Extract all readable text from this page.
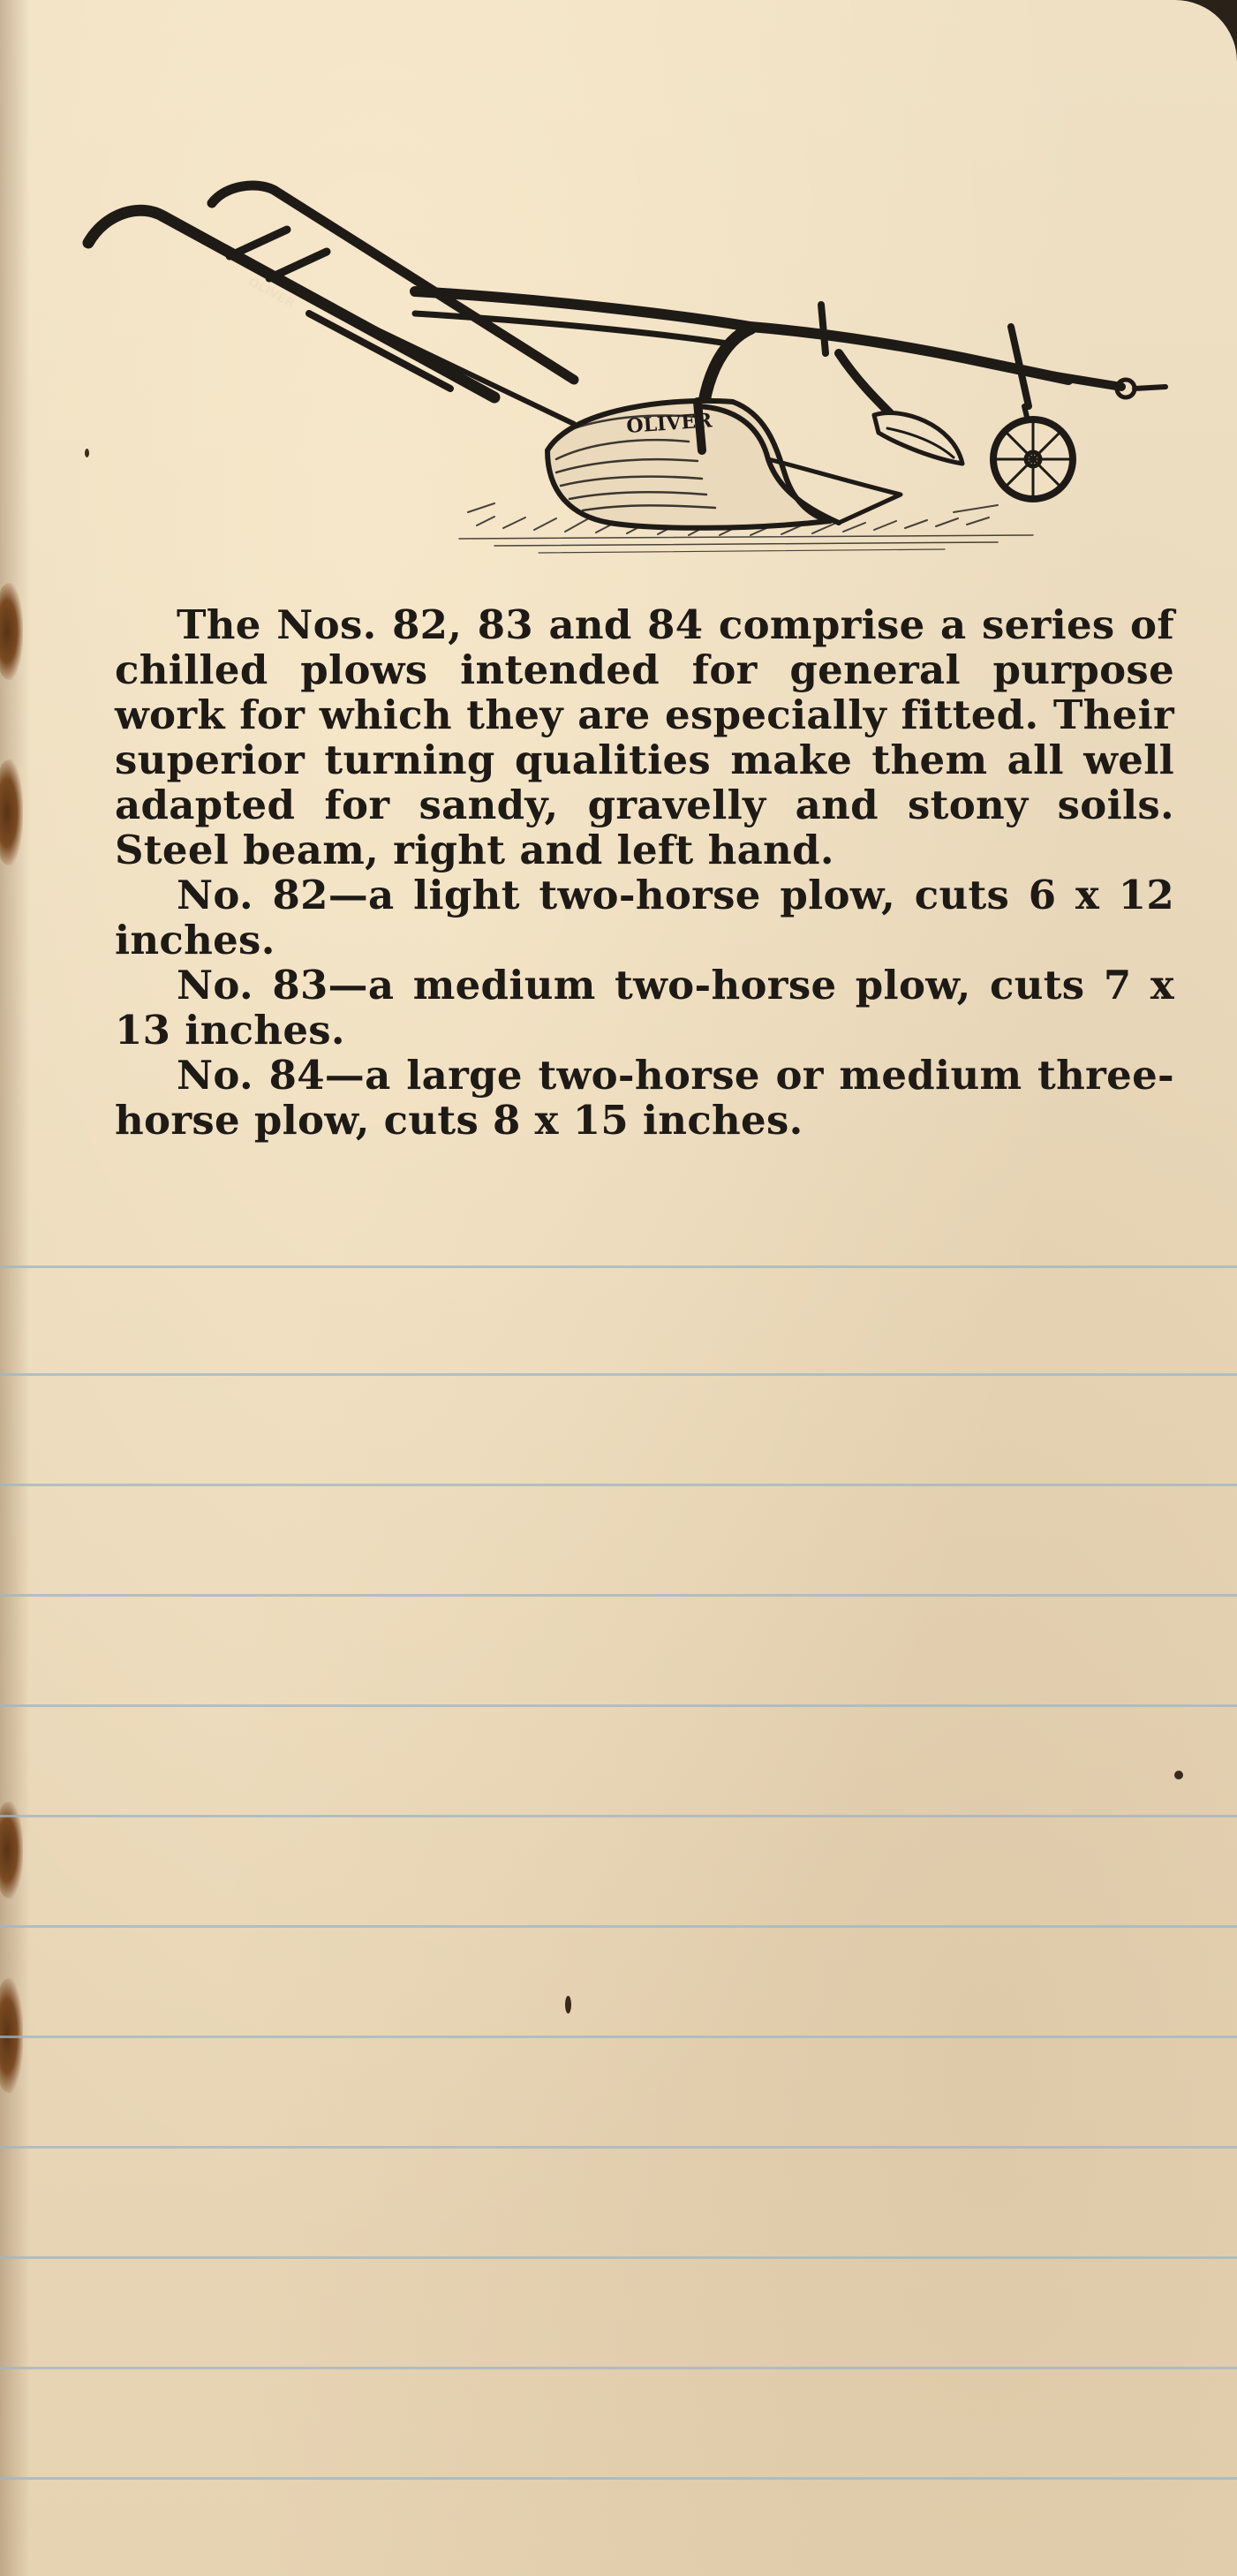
OLIVER
OLIVER

The Nos. 82, 83 and 84 comprise a series of chilled plows intended for general purpose work for which they are especially fitted. Their superior turning qualities make them all well adapted for sandy, gravelly and stony soils. Steel beam, right and left hand.

No. 82—a light two-horse plow, cuts 6 x 12 inches.

No. 83—a medium two-horse plow, cuts 7 x 13 inches.

No. 84—a large two-horse or medium three-horse plow, cuts 8 x 15 inches.
